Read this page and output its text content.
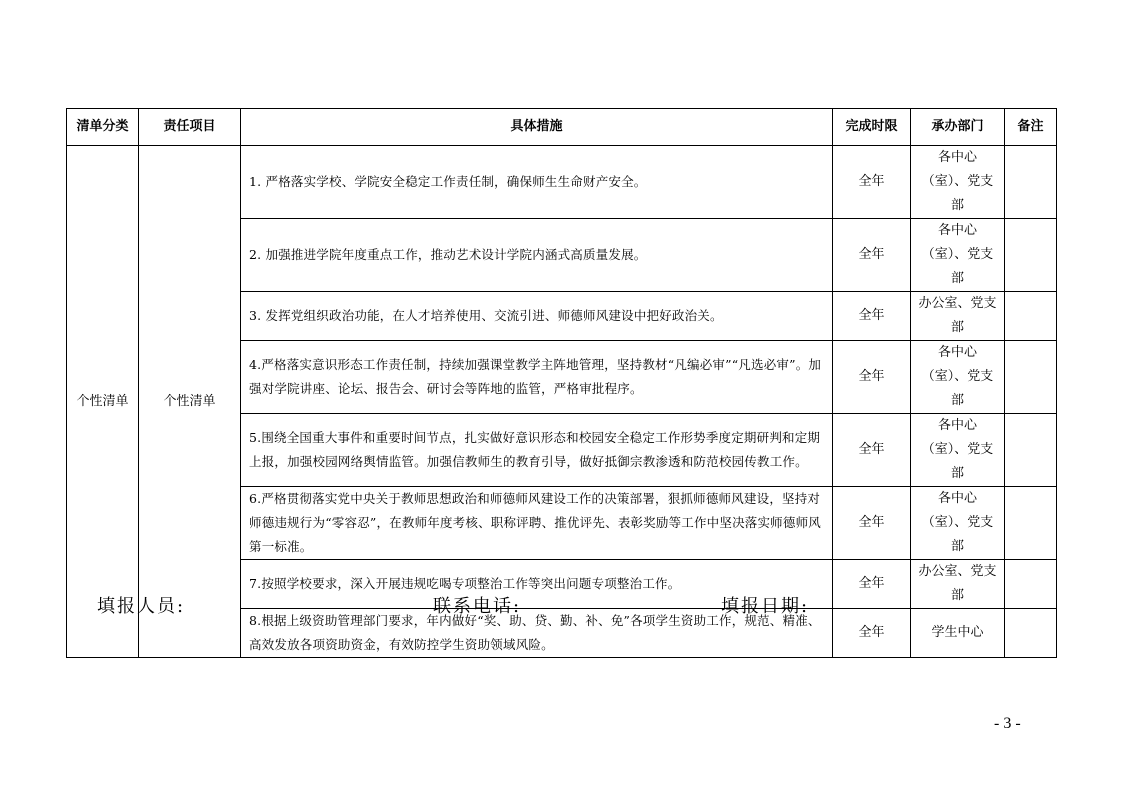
清单分类	责任项目	具体措施	完成时限	承办部门	备注
个性清单	个性清单	1. 严格落实学校、学院安全稳定工作责任制，确保师生生命财产安全。	全年	各中心（室）、党支部	
		2. 加强推进学院年度重点工作，推动艺术设计学院内涵式高质量发展。	全年	各中心（室）、党支部	
		3. 发挥党组织政治功能，在人才培养使用、交流引进、师德师风建设中把好政治关。	全年	办公室、党支部	
		4.严格落实意识形态工作责任制，持续加强课堂教学主阵地管理，坚持教材“凡编必审”“凡选必审”。加强对学院讲座、论坛、报告会、研讨会等阵地的监管，严格审批程序。	全年	各中心（室）、党支部	
		5.围绕全国重大事件和重要时间节点，扎实做好意识形态和校园安全稳定工作形势季度定期研判和定期上报，加强校园网络舆情监管。加强信教师生的教育引导，做好抵御宗教渗透和防范校园传教工作。	全年	各中心（室）、党支部	
		6.严格贯彻落实党中央关于教师思想政治和师德师风建设工作的决策部署，狠抓师德师风建设，坚持对师德违规行为“零容忍”，在教师年度考核、职称评聘、推优评先、表彰奖励等工作中坚决落实师德师风第一标准。	全年	各中心（室）、党支部	
		7.按照学校要求，深入开展违规吃喝专项整治工作等突出问题专项整治工作。	全年	办公室、党支部	
		8.根据上级资助管理部门要求，年内做好“奖、助、贷、勤、补、免”各项学生资助工作，规范、精准、高效发放各项资助资金，有效防控学生资助领域风险。	全年	学生中心	
填报人员:	联系电话:	填报日期:
- 3 -
